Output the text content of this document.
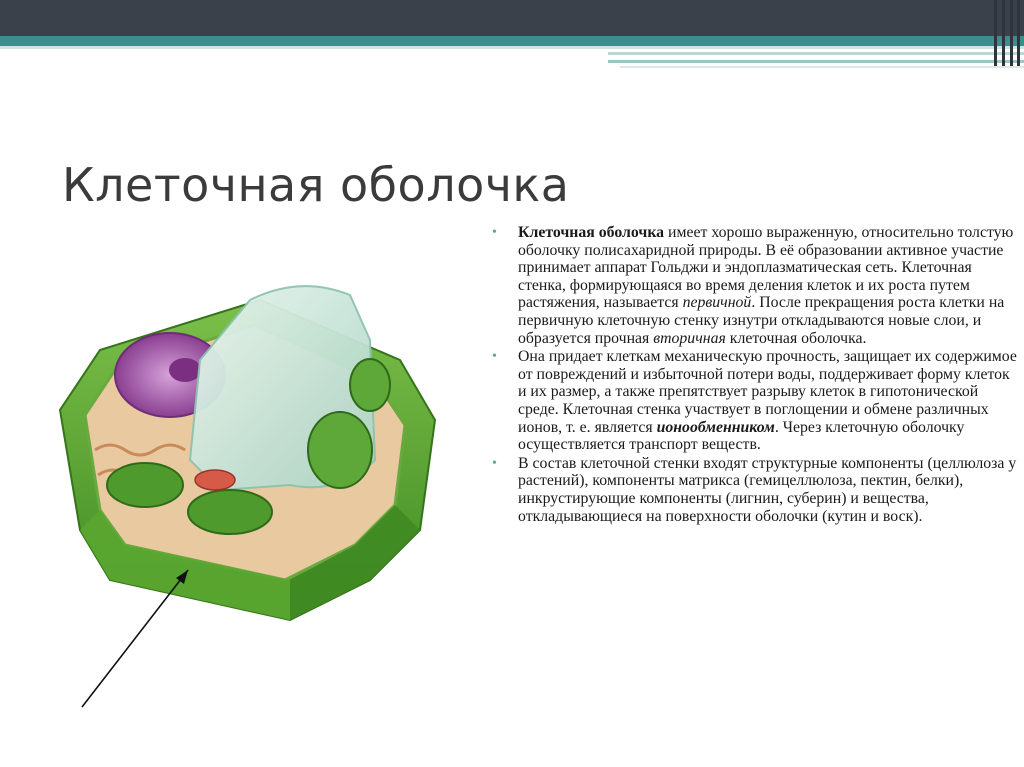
Клеточная оболочка
• Клеточная оболочка имеет хорошо выраженную, относительно толстую оболочку полисахаридной природы. В её образовании активное участие принимает аппарат Гольджи и эндоплазматическая сеть. Клеточная стенка, формирующаяся во время деления клеток и их роста путем растяжения, называется первичной. После прекращения роста клетки на первичную клеточную стенку изнутри откладываются новые слои, и образуется прочная вторичная клеточная оболочка.
• Она придает клеткам механическую прочность, защищает их содержимое от повреждений и избыточной потери воды, поддерживает форму клеток и их размер, а также препятствует разрыву клеток в гипотонической среде. Клеточная стенка участвует в поглощении и обмене различных ионов, т. е. является ионообменником. Через клеточную оболочку осуществляется транспорт веществ.
• В состав клеточной стенки входят структурные компоненты (целлюлоза у растений), компоненты матрикса (гемицеллюлоза, пектин, белки), инкрустирующие компоненты (лигнин, суберин) и вещества, откладывающиеся на поверхности оболочки (кутин и воск).
